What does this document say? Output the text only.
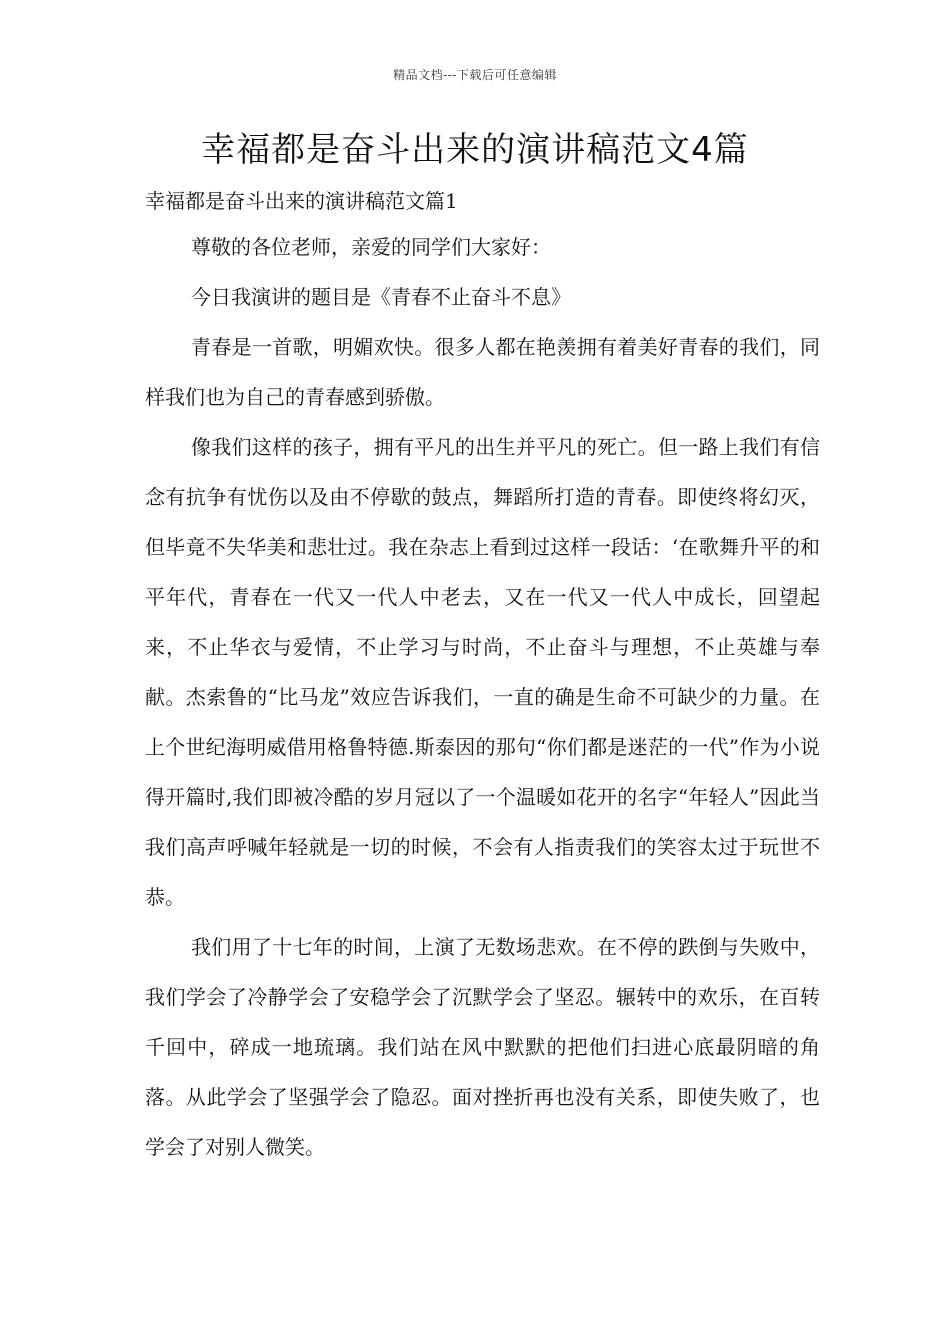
精品文档---下载后可任意编辑
幸福都是奋斗出来的演讲稿范文4篇
幸福都是奋斗出来的演讲稿范文篇1

尊敬的各位老师，亲爱的同学们大家好：

今日我演讲的题目是《青春不止奋斗不息》

青春是一首歌，明媚欢快。很多人都在艳羡拥有着美好青春的我们，同样我们也为自己的青春感到骄傲。

像我们这样的孩子，拥有平凡的出生并平凡的死亡。但一路上我们有信念有抗争有忧伤以及由不停歇的鼓点，舞蹈所打造的青春。即使终将幻灭，但毕竟不失华美和悲壮过。我在杂志上看到过这样一段话：‘在歌舞升平的和平年代，青春在一代又一代人中老去，又在一代又一代人中成长，回望起来，不止华衣与爱情，不止学习与时尚，不止奋斗与理想，不止英雄与奉献。杰索鲁的“比马龙”效应告诉我们，一直的确是生命不可缺少的力量。在上个世纪海明威借用格鲁特德.斯泰因的那句“你们都是迷茫的一代”作为小说得开篇时,我们即被冷酷的岁月冠以了一个温暖如花开的名字“年轻人”因此当我们高声呼喊年轻就是一切的时候，不会有人指责我们的笑容太过于玩世不恭。

我们用了十七年的时间，上演了无数场悲欢。在不停的跌倒与失败中，我们学会了冷静学会了安稳学会了沉默学会了坚忍。辗转中的欢乐，在百转千回中，碎成一地琉璃。我们站在风中默默的把他们扫进心底最阴暗的角落。从此学会了坚强学会了隐忍。面对挫折再也没有关系，即使失败了，也学会了对别人微笑。
